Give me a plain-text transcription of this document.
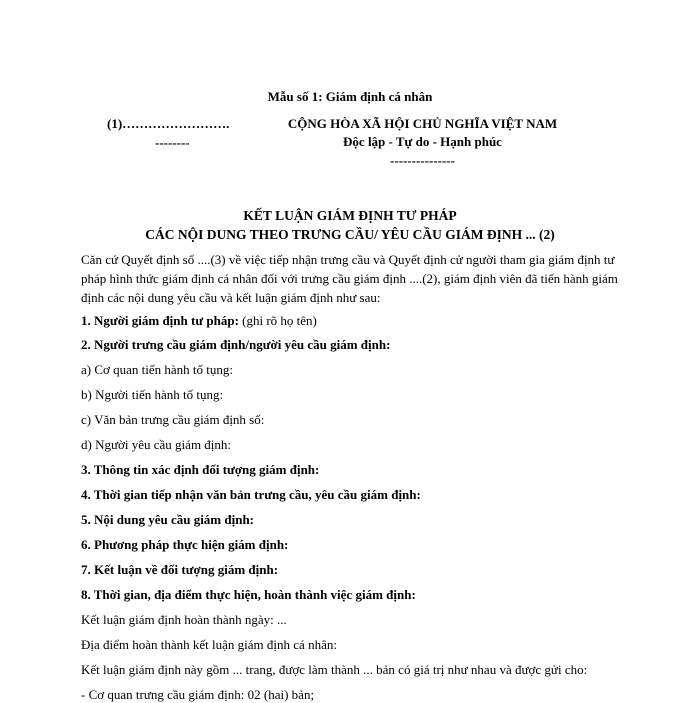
Mẫu số 1: Giám định cá nhân
(1)…………………….
--------
CỘNG HÒA XÃ HỘI CHỦ NGHĨA VIỆT NAM
Độc lập - Tự do - Hạnh phúc
---------------
KẾT LUẬN GIÁM ĐỊNH TƯ PHÁP
CÁC NỘI DUNG THEO TRƯNG CẦU/ YÊU CẦU GIÁM ĐỊNH ... (2)
Căn cứ Quyết định số ....(3) về việc tiếp nhận trưng cầu và Quyết định cử người tham gia giám định tư pháp hình thức giám định cá nhân đối với trưng cầu giám định ....(2), giám định viên đã tiến hành giám định các nội dung yêu cầu và kết luận giám định như sau:
1. Người giám định tư pháp: (ghi rõ họ tên)
2. Người trưng cầu giám định/người yêu cầu giám định:
a) Cơ quan tiến hành tố tụng:
b) Người tiến hành tố tụng:
c) Văn bản trưng cầu giám định số:
d) Người yêu cầu giám định:
3. Thông tin xác định đối tượng giám định:
4. Thời gian tiếp nhận văn bản trưng cầu, yêu cầu giám định:
5. Nội dung yêu cầu giám định:
6. Phương pháp thực hiện giám định:
7. Kết luận về đối tượng giám định:
8. Thời gian, địa điểm thực hiện, hoàn thành việc giám định:
Kết luận giám định hoàn thành ngày: ...
Địa điểm hoàn thành kết luận giám định cá nhân:
Kết luận giám định này gồm ... trang, được làm thành ... bản có giá trị như nhau và được gửi cho:
- Cơ quan trưng cầu giám định: 02 (hai) bản;
